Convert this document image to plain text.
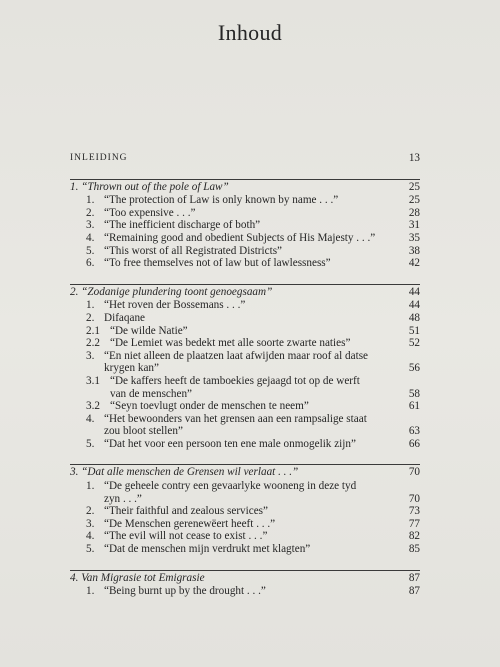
Inhoud
INLEIDING	13
1. “Thrown out of the pole of Law”	25
1. “The protection of Law is only known by name . . .”	25
2. “Too expensive . . .”	28
3. “The inefficient discharge of both”	31
4. “Remaining good and obedient Subjects of His Majesty . . .”	35
5. “This worst of all Registrated Districts”	38
6. “To free themselves not of law but of lawlessness”	42
2. “Zodanige plundering toont genoegsaam”	44
1. “Het roven der Bossemans . . .”	44
2. Difaqane	48
2.1 “De wilde Natie”	51
2.2 “De Lemiet was bedekt met alle soorte zwarte naties”	52
3. “En niet alleen de plaatzen laat afwijden maar roof al datse
krygen kan”	56
3.1 “De kaffers heeft de tamboekies gejaagd tot op de werft
van de menschen”	58
3.2 “Seyn toevlugt onder de menschen te neem”	61
4. “Het bewoonders van het grensen aan een rampsalige staat
zou bloot stellen”	63
5. “Dat het voor een persoon ten ene male onmogelik zijn”	66
3. “Dat alle menschen de Grensen wil verlaat . . .”	70
1. “De geheele contry een gevaarlyke wooneng in deze tyd
zyn . . .”	70
2. “Their faithful and zealous services”	73
3. “De Menschen gerenewëert heeft . . .”	77
4. “The evil will not cease to exist . . .”	82
5. “Dat de menschen mijn verdrukt met klagten”	85
4. Van Migrasie tot Emigrasie	87
1. “Being burnt up by the drought . . .”	87
